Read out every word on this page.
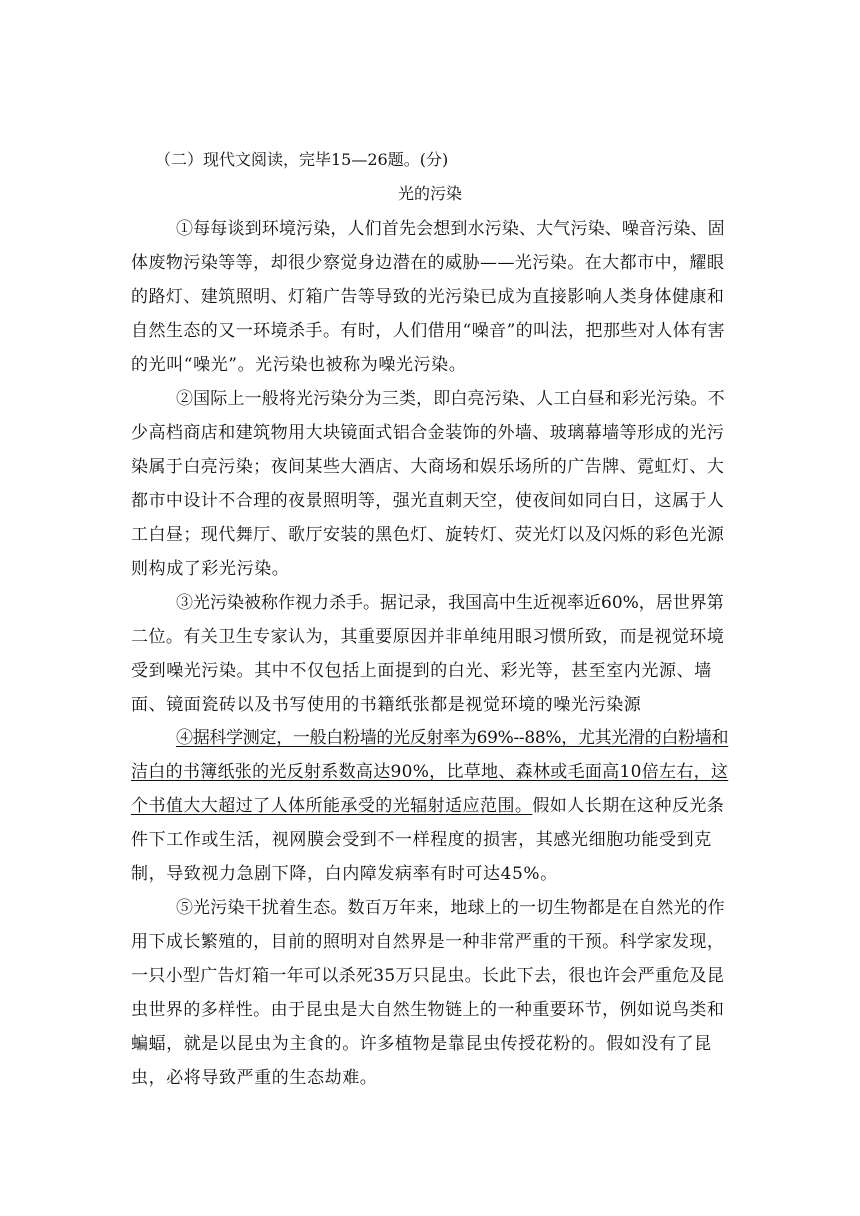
（二）现代文阅读，完毕15—26题。(分)
光的污染
①每每谈到环境污染，人们首先会想到水污染、大气污染、噪音污染、固
体废物污染等等，却很少察觉身边潜在的威胁——光污染。在大都市中，耀眼
的路灯、建筑照明、灯箱广告等导致的光污染已成为直接影响人类身体健康和
自然生态的又一环境杀手。有时，人们借用“噪音”的叫法，把那些对人体有害
的光叫“噪光”。光污染也被称为噪光污染。
②国际上一般将光污染分为三类，即白亮污染、人工白昼和彩光污染。不
少高档商店和建筑物用大块镜面式铝合金装饰的外墙、玻璃幕墙等形成的光污
染属于白亮污染；夜间某些大酒店、大商场和娱乐场所的广告牌、霓虹灯、大
都市中设计不合理的夜景照明等，强光直刺天空，使夜间如同白日，这属于人
工白昼；现代舞厅、歌厅安装的黑色灯、旋转灯、荧光灯以及闪烁的彩色光源
则构成了彩光污染。
③光污染被称作视力杀手。据记录，我国高中生近视率近60%，居世界第
二位。有关卫生专家认为，其重要原因并非单纯用眼习惯所致，而是视觉环境
受到噪光污染。其中不仅包括上面提到的白光、彩光等，甚至室内光源、墙
面、镜面瓷砖以及书写使用的书籍纸张都是视觉环境的噪光污染源
④据科学测定，一般白粉墙的光反射率为69%--88%，尤其光滑的白粉墙和
洁白的书簿纸张的光反射系数高达90%，比草地、森林或毛面高10倍左右，这
个书值大大超过了人体所能承受的光辐射适应范围。假如人长期在这种反光条
件下工作或生活，视网膜会受到不一样程度的损害，其感光细胞功能受到克
制，导致视力急剧下降，白内障发病率有时可达45%。
⑤光污染干扰着生态。数百万年来，地球上的一切生物都是在自然光的作
用下成长繁殖的，目前的照明对自然界是一种非常严重的干预。科学家发现，
一只小型广告灯箱一年可以杀死35万只昆虫。长此下去，很也许会严重危及昆
虫世界的多样性。由于昆虫是大自然生物链上的一种重要环节，例如说鸟类和
蝙蝠，就是以昆虫为主食的。许多植物是靠昆虫传授花粉的。假如没有了昆
虫，必将导致严重的生态劫难。
